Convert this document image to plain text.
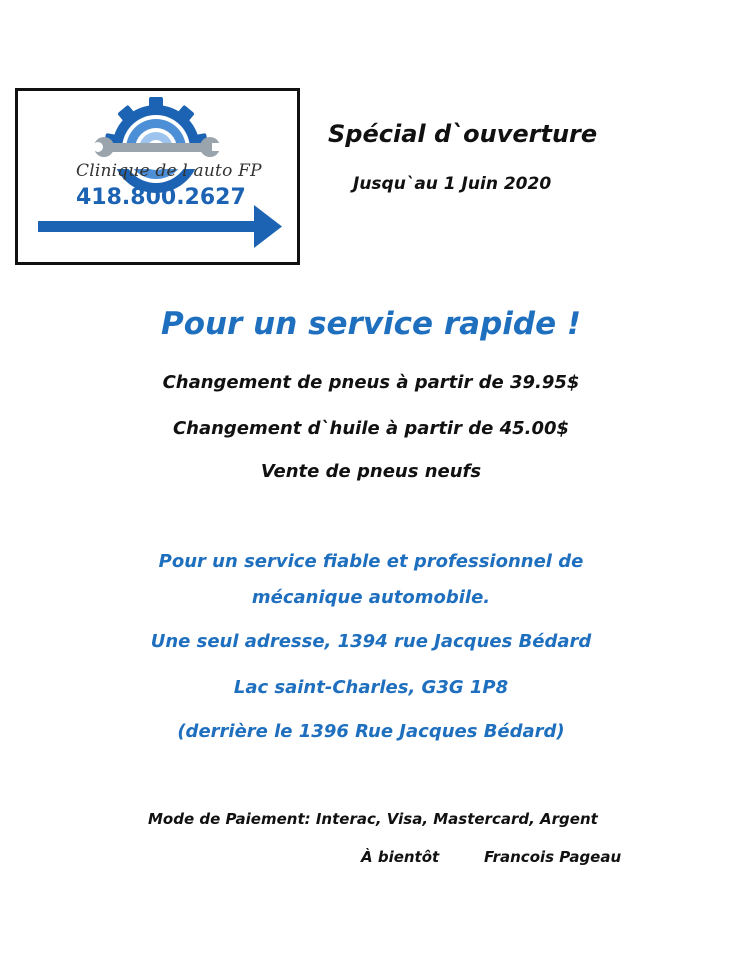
Clinique de l auto FP
418.800.2627
Spécial d`ouverture
Jusqu`au 1 Juin 2020
Pour un service rapide !
Changement de pneus à partir de 39.95$
Changement d`huile à partir de 45.00$
Vente de pneus neufs
Pour un service fiable et professionnel de
mécanique automobile.
Une seul adresse, 1394 rue Jacques Bédard
Lac saint-Charles, G3G 1P8
(derrière le 1396 Rue Jacques Bédard)
Mode de Paiement: Interac, Visa, Mastercard, Argent
À bientôt	Francois Pageau
